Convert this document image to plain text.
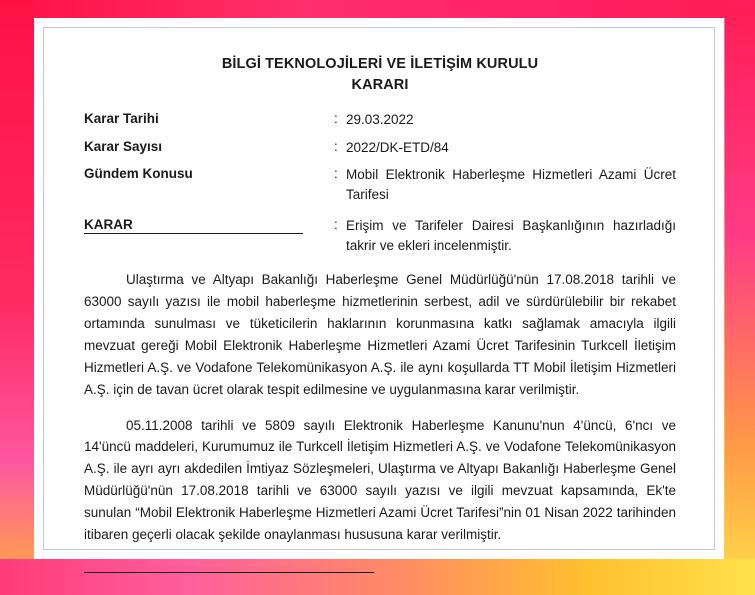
BİLGİ TEKNOLOJİLERİ VE İLETİŞİM KURULU
KARARI
Karar Tarihi	: 29.03.2022
Karar Sayısı	: 2022/DK-ETD/84
Gündem Konusu	: Mobil Elektronik Haberleşme Hizmetleri Azami Ücret Tarifesi
KARAR	: Erişim ve Tarifeler Dairesi Başkanlığının hazırladığı takrir ve ekleri incelenmiştir.
Ulaştırma ve Altyapı Bakanlığı Haberleşme Genel Müdürlüğü'nün 17.08.2018 tarihli ve 63000 sayılı yazısı ile mobil haberleşme hizmetlerinin serbest, adil ve sürdürülebilir bir rekabet ortamında sunulması ve tüketicilerin haklarının korunmasına katkı sağlamak amacıyla ilgili mevzuat gereği Mobil Elektronik Haberleşme Hizmetleri Azami Ücret Tarifesinin Turkcell İletişim Hizmetleri A.Ş. ve Vodafone Telekomünikasyon A.Ş. ile aynı koşullarda TT Mobil İletişim Hizmetleri A.Ş. için de tavan ücret olarak tespit edilmesine ve uygulanmasına karar verilmiştir.
05.11.2008 tarihli ve 5809 sayılı Elektronik Haberleşme Kanunu'nun 4'üncü, 6'ncı ve 14'üncü maddeleri, Kurumumuz ile Turkcell İletişim Hizmetleri A.Ş. ve Vodafone Telekomünikasyon A.Ş. ile ayrı ayrı akdedilen İmtiyaz Sözleşmeleri, Ulaştırma ve Altyapı Bakanlığı Haberleşme Genel Müdürlüğü'nün 17.08.2018 tarihli ve 63000 sayılı yazısı ve ilgili mevzuat kapsamında, Ek'te sunulan “Mobil Elektronik Haberleşme Hizmetleri Azami Ücret Tarifesi”nin 01 Nisan 2022 tarihinden itibaren geçerli olacak şekilde onaylanması hususuna karar verilmiştir.
